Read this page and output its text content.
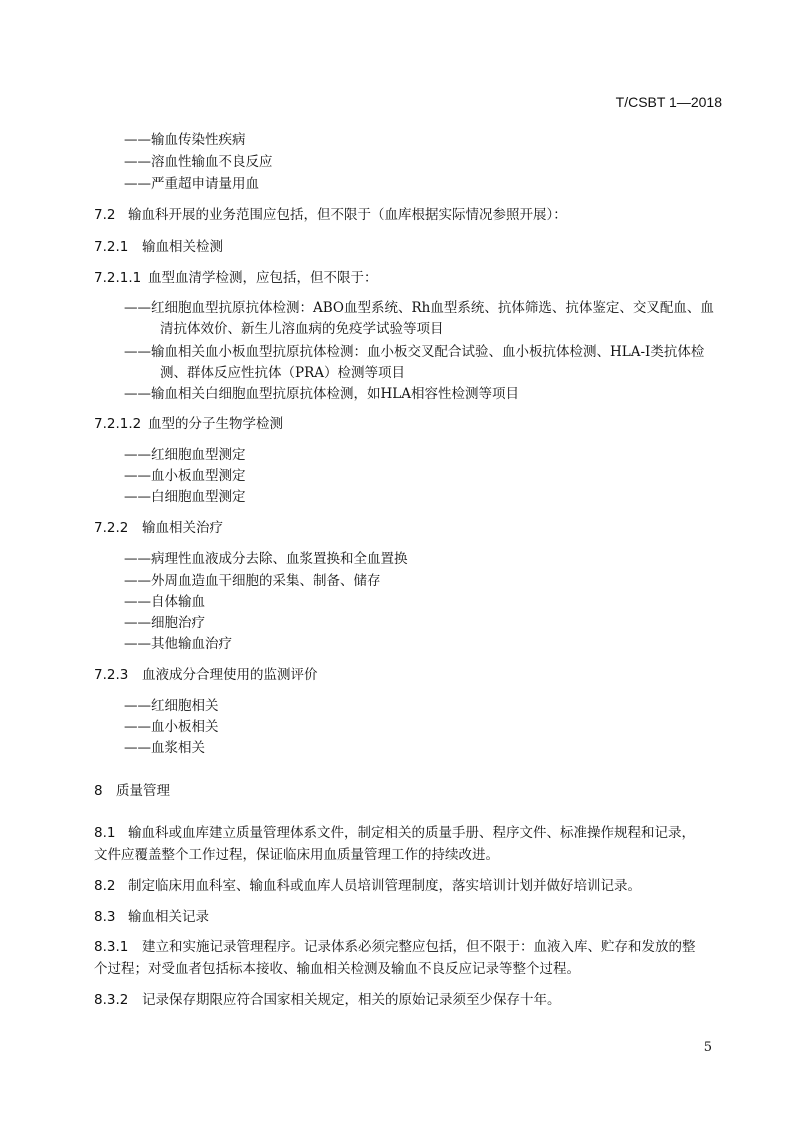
T/CSBT 1—2018
——输血传染性疾病
——溶血性输血不良反应
——严重超申请量用血
7.2 输血科开展的业务范围应包括，但不限于（血库根据实际情况参照开展）：
7.2.1 输血相关检测
7.2.1.1 血型血清学检测，应包括，但不限于：
——红细胞血型抗原抗体检测：ABO血型系统、Rh血型系统、抗体筛选、抗体鉴定、交叉配血、血
清抗体效价、新生儿溶血病的免疫学试验等项目
——输血相关血小板血型抗原抗体检测：血小板交叉配合试验、血小板抗体检测、HLA-Ⅰ类抗体检
测、群体反应性抗体（PRA）检测等项目
——输血相关白细胞血型抗原抗体检测，如HLA相容性检测等项目
7.2.1.2 血型的分子生物学检测
——红细胞血型测定
——血小板血型测定
——白细胞血型测定
7.2.2 输血相关治疗
——病理性血液成分去除、血浆置换和全血置换
——外周血造血干细胞的采集、制备、储存
——自体输血
——细胞治疗
——其他输血治疗
7.2.3 血液成分合理使用的监测评价
——红细胞相关
——血小板相关
——血浆相关
8 质量管理
8.1 输血科或血库建立质量管理体系文件，制定相关的质量手册、程序文件、标准操作规程和记录，
文件应覆盖整个工作过程，保证临床用血质量管理工作的持续改进。
8.2 制定临床用血科室、输血科或血库人员培训管理制度，落实培训计划并做好培训记录。
8.3 输血相关记录
8.3.1 建立和实施记录管理程序。记录体系必须完整应包括，但不限于：血液入库、贮存和发放的整
个过程；对受血者包括标本接收、输血相关检测及输血不良反应记录等整个过程。
8.3.2 记录保存期限应符合国家相关规定，相关的原始记录须至少保存十年。
5
